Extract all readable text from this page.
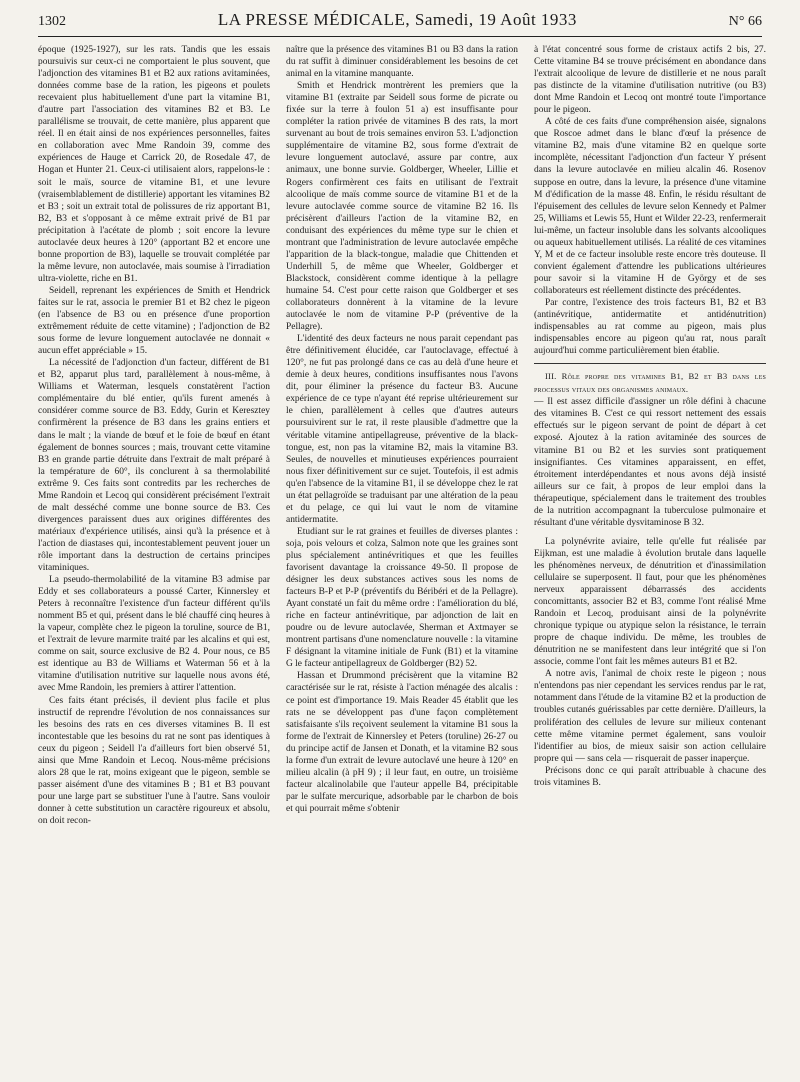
1302	LA PRESSE MÉDICALE, Samedi, 19 Août 1933	N° 66

époque (1925-1927), sur les rats. Tandis que les essais poursuivis sur ceux-ci ne comportaient le plus souvent, que l'adjonction des vitamines B1 et B2 aux rations avitaminées, données comme base de la ration, les pigeons et poulets recevaient plus habituellement d'une part la vitamine B1, d'autre part l'association des vitamines B2 et B3. Le parallélisme se trouvait, de cette manière, plus apparent que réel. Il en était ainsi de nos expériences personnelles, faites en collaboration avec Mme Randoin 39, comme des expériences de Hauge et Carrick 20, de Rosedale 47, de Hogan et Hunter 21. Ceux-ci utilisaient alors, rappelons-le : soit le maïs, source de vitamine B1, et une levure (vraisemblablement de distillerie) apportant les vitamines B2 et B3 ; soit un extrait total de polissures de riz apportant B1, B2, B3 et s'opposant à ce même extrait privé de B1 par précipitation à l'acétate de plomb ; soit encore la levure autoclavée deux heures à 120° (apportant B2 et encore une bonne proportion de B3), laquelle se trouvait complétée par la même levure, non autoclavée, mais soumise à l'irradiation ultra-violette, riche en B1.

Seidell, reprenant les expériences de Smith et Hendrick faites sur le rat, associa le premier B1 et B2 chez le pigeon (en l'absence de B3 ou en présence d'une proportion extrêmement réduite de cette vitamine) ; l'adjonction de B2 sous forme de levure longuement autoclavée ne donnait « aucun effet appréciable » 15.

La nécessité de l'adjonction d'un facteur, différent de B1 et B2, apparut plus tard, parallèlement à nous-même, à Williams et Waterman, lesquels constatèrent l'action complémentaire du blé entier, qu'ils furent amenés à considérer comme source de B3. Eddy, Gurin et Keresztey confirmèrent la présence de B3 dans les grains entiers et dans le malt ; la viande de bœuf et le foie de bœuf en étant également de bonnes sources ; mais, trouvant cette vitamine B3 en grande partie détruite dans l'extrait de malt préparé à la température de 60°, ils conclurent à sa thermolabilité extrême 9. Ces faits sont contredits par les recherches de Mme Randoin et Lecoq qui considèrent précisément l'extrait de malt desséché comme une bonne source de B3. Ces divergences paraissent dues aux origines différentes des matériaux d'expérience utilisés, ainsi qu'à la présence et à l'action de diastases qui, incontestablement peuvent jouer un rôle important dans la destruction de certains principes vitaminiques.

La pseudo-thermolabilité de la vitamine B3 admise par Eddy et ses collaborateurs a poussé Carter, Kinnersley et Peters à reconnaître l'existence d'un facteur différent qu'ils nomment B5 et qui, présent dans le blé chauffé cinq heures à la vapeur, complète chez le pigeon la toruline, source de B1, et l'extrait de levure marmite traité par les alcalins et qui est, comme on sait, source exclusive de B2 4. Pour nous, ce B5 est identique au B3 de Williams et Waterman 56 et à la vitamine d'utilisation nutritive sur laquelle nous avons été, avec Mme Randoin, les premiers à attirer l'attention.

Ces faits étant précisés, il devient plus facile et plus instructif de reprendre l'évolution de nos connaissances sur les besoins des rats en ces diverses vitamines B. Il est incontestable que les besoins du rat ne sont pas identiques à ceux du pigeon ; Seidell l'a d'ailleurs fort bien observé 51, ainsi que Mme Randoin et Lecoq. Nous-même précisions alors 28 que le rat, moins exigeant que le pigeon, semble se passer aisément d'une des vitamines B ; B1 et B3 pouvant pour une large part se substituer l'une à l'autre. Sans vouloir donner à cette substitution un caractère rigoureux et absolu, on doit recon-

naître que la présence des vitamines B1 ou B3 dans la ration du rat suffit à diminuer considérablement les besoins de cet animal en la vitamine manquante.

Smith et Hendrick montrèrent les premiers que la vitamine B1 (extraite par Seidell sous forme de picrate ou fixée sur la terre à foulon 51 a) est insuffisante pour compléter la ration privée de vitamines B des rats, la mort survenant au bout de trois semaines environ 53. L'adjonction supplémentaire de vitamine B2, sous forme d'extrait de levure longuement autoclavé, assure par contre, aux animaux, une bonne survie. Goldberger, Wheeler, Lillie et Rogers confirmèrent ces faits en utilisant de l'extrait alcoolique de maïs comme source de vitamine B1 et de la levure autoclavée comme source de vitamine B2 16. Ils précisèrent d'ailleurs l'action de la vitamine B2, en conduisant des expériences du même type sur le chien et montrant que l'administration de levure autoclavée empêche l'apparition de la black-tongue, maladie que Chittenden et Underhill 5, de même que Wheeler, Goldberger et Blackstock, considèrent comme identique à la pellagre humaine 54. C'est pour cette raison que Goldberger et ses collaborateurs donnèrent à la vitamine de la levure autoclavée le nom de vitamine P-P (préventive de la Pellagre).

L'identité des deux facteurs ne nous parait cependant pas être définitivement élucidée, car l'autoclavage, effectué à 120°, ne fut pas prolongé dans ce cas au delà d'une heure et demie à deux heures, conditions insuffisantes nous l'avons dit, pour éliminer la présence du facteur B3. Aucune expérience de ce type n'ayant été reprise ultérieurement sur le chien, parallèlement à celles que d'autres auteurs poursuivirent sur le rat, il reste plausible d'admettre que la véritable vitamine antipellagreuse, préventive de la black-tongue, est, non pas la vitamine B2, mais la vitamine B3. Seules, de nouvelles et minutieuses expériences pourraient nous fixer définitivement sur ce sujet. Toutefois, il est admis qu'en l'absence de la vitamine B1, il se développe chez le rat un état pellagroïde se traduisant par une altération de la peau et du pelage, ce qui lui vaut le nom de vitamine antidermatite.

Etudiant sur le rat graines et feuilles de diverses plantes : soja, pois velours et colza, Salmon note que les graines sont plus spécialement antinévritiques et que les feuilles favorisent davantage la croissance 49-50. Il propose de désigner les deux substances actives sous les noms de facteurs B-P et P-P (préventifs du Béribéri et de la Pellagre). Ayant constaté un fait du même ordre : l'amélioration du blé, riche en facteur antinévritique, par adjonction de lait en poudre ou de levure autoclavée, Sherman et Axtmayer se montrent partisans d'une nomenclature nouvelle : la vitamine F désignant la vitamine initiale de Funk (B1) et la vitamine G le facteur antipellagreux de Goldberger (B2) 52.

Hassan et Drummond précisèrent que la vitamine B2 caractérisée sur le rat, résiste à l'action ménagée des alcalis : ce point est d'importance 19. Mais Reader 45 établit que les rats ne se développent pas d'une façon complètement satisfaisante s'ils reçoivent seulement la vitamine B1 sous la forme de l'extrait de Kinnersley et Peters (toruline) 26-27 ou du principe actif de Jansen et Donath, et la vitamine B2 sous la forme d'un extrait de levure autoclavé une heure à 120° en milieu alcalin (à pH 9) ; il leur faut, en outre, un troisième facteur alcalinolabile que l'auteur appelle B4, précipitable par le sulfate mercurique, adsorbable par le charbon de bois et qui pourrait même s'obtenir

à l'état concentré sous forme de cristaux actifs 2 bis, 27. Cette vitamine B4 se trouve précisément en abondance dans l'extrait alcoolique de levure de distillerie et ne nous paraît pas distincte de la vitamine d'utilisation nutritive (ou B3) dont Mme Randoin et Lecoq ont montré toute l'importance pour le pigeon.

A côté de ces faits d'une compréhension aisée, signalons que Roscoe admet dans le blanc d'œuf la présence de vitamine B2, mais d'une vitamine B2 en quelque sorte incomplète, nécessitant l'adjonction d'un facteur Y présent dans la levure autoclavée en milieu alcalin 46. Rosenov suppose en outre, dans la levure, la présence d'une vitamine M d'édification de la masse 48. Enfin, le résidu résultant de l'épuisement des cellules de levure selon Kennedy et Palmer 25, Williams et Lewis 55, Hunt et Wilder 22-23, renfermerait lui-même, un facteur insoluble dans les solvants alcooliques ou aqueux habituellement utilisés. La réalité de ces vitamines Y, M et de ce facteur insoluble reste encore très douteuse. Il convient également d'attendre les publications ultérieures pour savoir si la vitamine H de György et de ses collaborateurs est réellement distincte des précédentes.

Par contre, l'existence des trois facteurs B1, B2 et B3 (antinévritique, antidermatite et antidénutrition) indispensables au rat comme au pigeon, mais plus indispensables encore au pigeon qu'au rat, nous paraît aujourd'hui comme particulièrement bien établie.

III. Rôle propre des vitamines B1, B2 et B3 dans les processus vitaux des organismes animaux.

— Il est assez difficile d'assigner un rôle défini à chacune des vitamines B. C'est ce qui ressort nettement des essais effectués sur le pigeon servant de point de départ à cet exposé. Ajoutez à la ration avitaminée des sources de vitamine B1 ou B2 et les survies sont pratiquement insignifiantes. Ces vitamines apparaissent, en effet, étroitement interdépendantes et nous avons déjà insisté ailleurs sur ce fait, à propos de leur emploi dans la thérapeutique, spécialement dans le traitement des troubles de la nutrition accompagnant la tuberculose pulmonaire et résultant d'une véritable dysvitaminose B 32.

La polynévrite aviaire, telle qu'elle fut réalisée par Eijkman, est une maladie à évolution brutale dans laquelle les phénomènes nerveux, de dénutrition et d'inassimilation cellulaire se superposent. Il faut, pour que les phénomènes nerveux apparaissent débarrassés des accidents concomittants, associer B2 et B3, comme l'ont réalisé Mme Randoin et Lecoq, produisant ainsi de la polynévrite chronique typique ou atypique selon la résistance, le terrain propre de chaque individu. De même, les troubles de dénutrition ne se manifestent dans leur intégrité que si l'on associe, comme l'ont fait les mêmes auteurs B1 et B2.

A notre avis, l'animal de choix reste le pigeon ; nous n'entendons pas nier cependant les services rendus par le rat, notamment dans l'étude de la vitamine B2 et la production de troubles cutanés guérissables par cette dernière. D'ailleurs, la prolifération des cellules de levure sur milieux contenant cette même vitamine permet également, sans vouloir l'identifier au bios, de mieux saisir son action cellulaire propre qui — sans cela — risquerait de passer inaperçue.

Précisons donc ce qui paraît attribuable à chacune des trois vitamines B.
